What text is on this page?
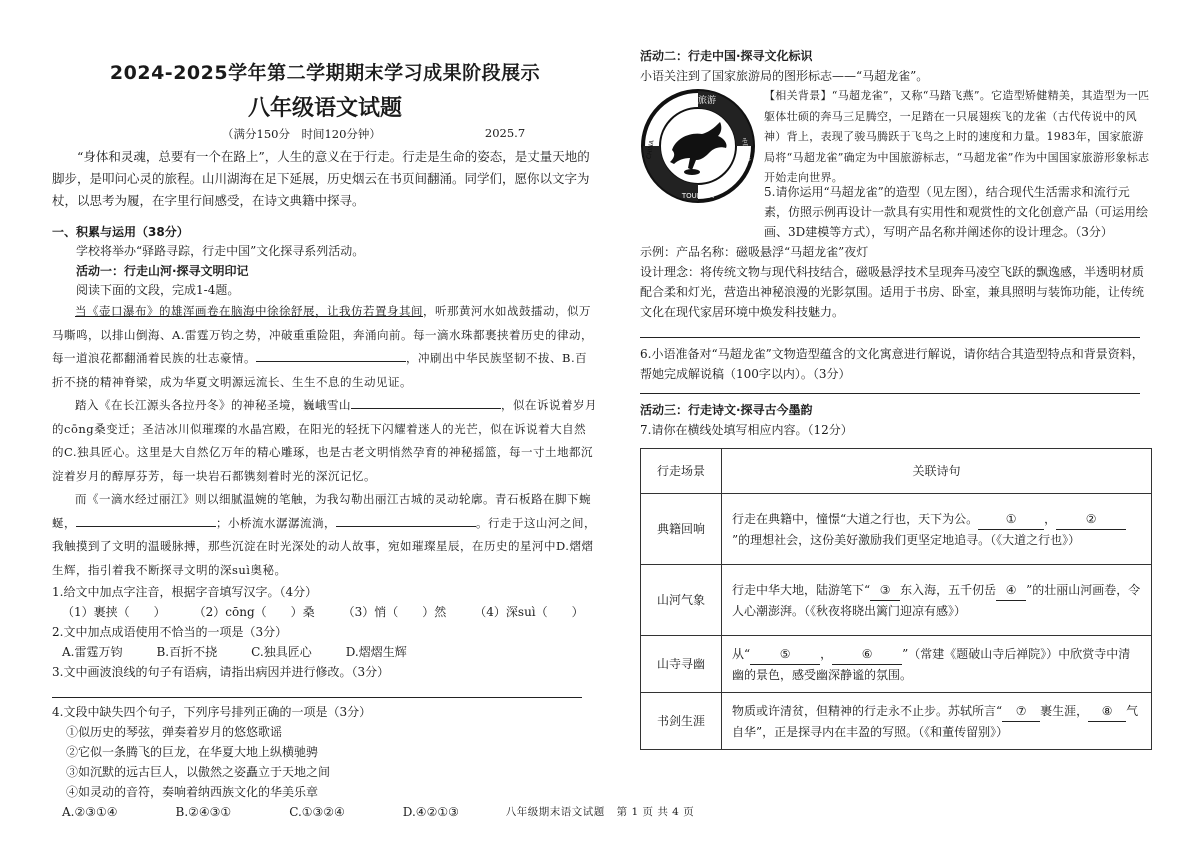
2024-2025学年第二学期期末学习成果阶段展示
八年级语文试题
（满分150分　时间120分钟）	2025.7

“身体和灵魂，总要有一个在路上”，人生的意义在于行走。行走是生命的姿态，是丈量天地的脚步，是叩问心灵的旅程。山川湖海在足下延展，历史烟云在书页间翻涌。同学们，愿你以文字为杖，以思考为履，在字里行间感受，在诗文典籍中探寻。

一、积累与运用（38分）

学校将举办“驿路寻踪，行走中国”文化探寻系列活动。

活动一：行走山河·探寻文明印记

阅读下面的文段，完成1-4题。

当《壶口瀑布》的雄浑画卷在脑海中徐徐舒展，让我仿若置身其间，听那黄河水如战鼓擂动，似万马嘶鸣，以排山倒海、A.雷霆万钧之势，冲破重重险阻，奔涌向前。每一滴水珠都裹挟着历史的律动，每一道浪花都翻涌着民族的壮志豪情。	，冲刷出中华民族坚韧不拔、B.百折不挠的精神脊梁，成为华夏文明源远流长、生生不息的生动见证。

踏入《在长江源头各拉丹冬》的神秘圣境，巍峨雪山	，似在诉说着岁月的cōng桑变迁；圣洁冰川似璀璨的水晶宫殿，在阳光的轻抚下闪耀着迷人的光芒，似在诉说着大自然的C.独具匠心。这里是大自然亿万年的精心雕琢，也是古老文明悄然孕育的神秘摇篮，每一寸土地都沉淀着岁月的醇厚芬芳，每一块岩石都镌刻着时光的深沉记忆。

而《一滴水经过丽江》则以细腻温婉的笔触，为我勾勒出丽江古城的灵动轮廓。青石板路在脚下蜿蜒，	；小桥流水潺潺流淌，	。行走于这山河之间，我触摸到了文明的温暖脉搏，那些沉淀在时光深处的动人故事，宛如璀璨星辰，在历史的星河中D.熠熠生辉，指引着我不断探寻文明的深suì奥秘。

1.给文中加点字注音，根据字音填写汉字。（4分）

（1）裹挟（　　） （2）cōng（　　）桑 （3）悄（　　）然 （4）深suì（　　）

2.文中加点成语使用不恰当的一项是（3分）

A.雷霆万钧	B.百折不挠	C.独具匠心	D.熠熠生辉

3.文中画波浪线的句子有语病，请指出病因并进行修改。（3分）

4.文段中缺失四个句子，下列序号排列正确的一项是（3分）

①似历史的琴弦，弹奏着岁月的悠悠歌谣

②它似一条腾飞的巨龙，在华夏大地上纵横驰骋

③如沉默的远古巨人，以傲然之姿矗立于天地之间

④如灵动的音符，奏响着纳西族文化的华美乐章

A.②③①④	B.②④③①	C.①③②④	D.④②①③

活动二：行走中国·探寻文化标识

小语关注到了国家旅游局的图形标志——“马超龙雀”。

中国旅游
TOURISM
CHINA	中国旅游

【相关背景】“马超龙雀”，又称“马踏飞燕”。它造型矫健精美，其造型为一匹躯体壮硕的奔马三足腾空，一足踏在一只展翅疾飞的龙雀（古代传说中的风神）背上，表现了骏马腾跃于飞鸟之上时的速度和力量。1983年，国家旅游局将“马超龙雀”确定为中国旅游标志，“马超龙雀”作为中国国家旅游形象标志开始走向世界。

5.请你运用“马超龙雀”的造型（见左图），结合现代生活需求和流行元素，仿照示例再设计一款具有实用性和观赏性的文化创意产品（可运用绘画、3D建模等方式），写明产品名称并阐述你的设计理念。（3分）

示例：产品名称：磁吸悬浮“马超龙雀”夜灯

设计理念：将传统文物与现代科技结合，磁吸悬浮技术呈现奔马凌空飞跃的飘逸感，半透明材质配合柔和灯光，营造出神秘浪漫的光影氛围。适用于书房、卧室，兼具照明与装饰功能，让传统文化在现代家居环境中焕发科技魅力。

6.小语准备对“马超龙雀”文物造型蕴含的文化寓意进行解说，请你结合其造型特点和背景资料，帮她完成解说稿（100字以内）。（3分）

活动三：行走诗文·探寻古今墨韵

7.请你在横线处填写相应内容。（12分）

行走场景	关联诗句
典籍回响	行走在典籍中，憧憬“大道之行也，天下为公。 ① ， ②”的理想社会，这份美好激励我们更坚定地追寻。（《大道之行也》）
山河气象	行走中华大地，陆游笔下“ ③ 东入海，五千仞岳 ④ ”的壮丽山河画卷，令人心潮澎湃。（《秋夜将晓出篱门迎凉有感》）
山寺寻幽	从“ ⑤ ， ⑥ ”（常建《题破山寺后禅院》）中欣赏寺中清幽的景色，感受幽深静谧的氛围。
书剑生涯	物质或许清贫，但精神的行走永不止步。苏轼所言“ ⑦ 裹生涯， ⑧ 气自华”，正是探寻内在丰盈的写照。（《和董传留别》）
八年级期末语文试题 第 1 页 共 4 页
